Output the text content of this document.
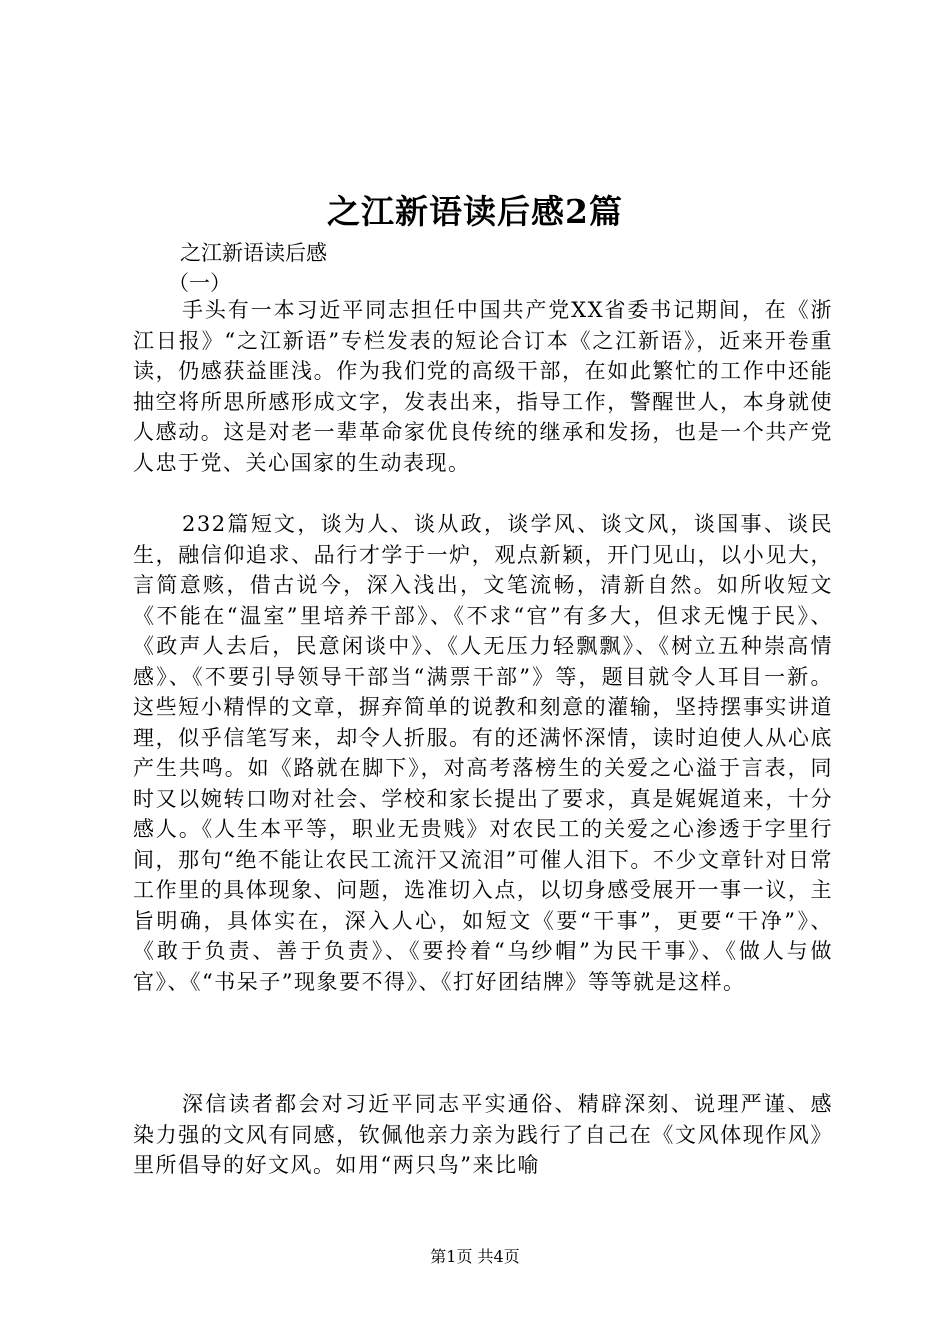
之江新语读后感2篇
之江新语读后感
（一）

手头有一本习近平同志担任中国共产党XX省委书记期间，在《浙江日报》“之江新语”专栏发表的短论合订本《之江新语》，近来开卷重读，仍感获益匪浅。作为我们党的高级干部，在如此繁忙的工作中还能抽空将所思所感形成文字，发表出来，指导工作，警醒世人，本身就使人感动。这是对老一辈革命家优良传统的继承和发扬，也是一个共产党人忠于党、关心国家的生动表现。

232篇短文，谈为人、谈从政，谈学风、谈文风，谈国事、谈民生，融信仰追求、品行才学于一炉，观点新颖，开门见山，以小见大，言简意赅，借古说今，深入浅出，文笔流畅，清新自然。如所收短文《不能在“温室”里培养干部》、《不求“官”有多大，但求无愧于民》、《政声人去后，民意闲谈中》、《人无压力轻飘飘》、《树立五种崇高情感》、《不要引导领导干部当“满票干部”》等，题目就令人耳目一新。这些短小精悍的文章，摒弃简单的说教和刻意的灌输，坚持摆事实讲道理，似乎信笔写来，却令人折服。有的还满怀深情，读时迫使人从心底产生共鸣。如《路就在脚下》，对高考落榜生的关爱之心溢于言表，同时又以婉转口吻对社会、学校和家长提出了要求，真是娓娓道来，十分感人。《人生本平等，职业无贵贱》对农民工的关爱之心渗透于字里行间，那句“绝不能让农民工流汗又流泪”可催人泪下。不少文章针对日常工作里的具体现象、问题，选准切入点，以切身感受展开一事一议，主旨明确，具体实在，深入人心，如短文《要“干事”，更要“干净”》、《敢于负责、善于负责》、《要拎着“乌纱帽”为民干事》、《做人与做官》、《“书呆子”现象要不得》、《打好团结牌》等等就是这样。

深信读者都会对习近平同志平实通俗、精辟深刻、说理严谨、感染力强的文风有同感，钦佩他亲力亲为践行了自己在《文风体现作风》里所倡导的好文风。如用“两只鸟”来比喻

第1页 共4页
